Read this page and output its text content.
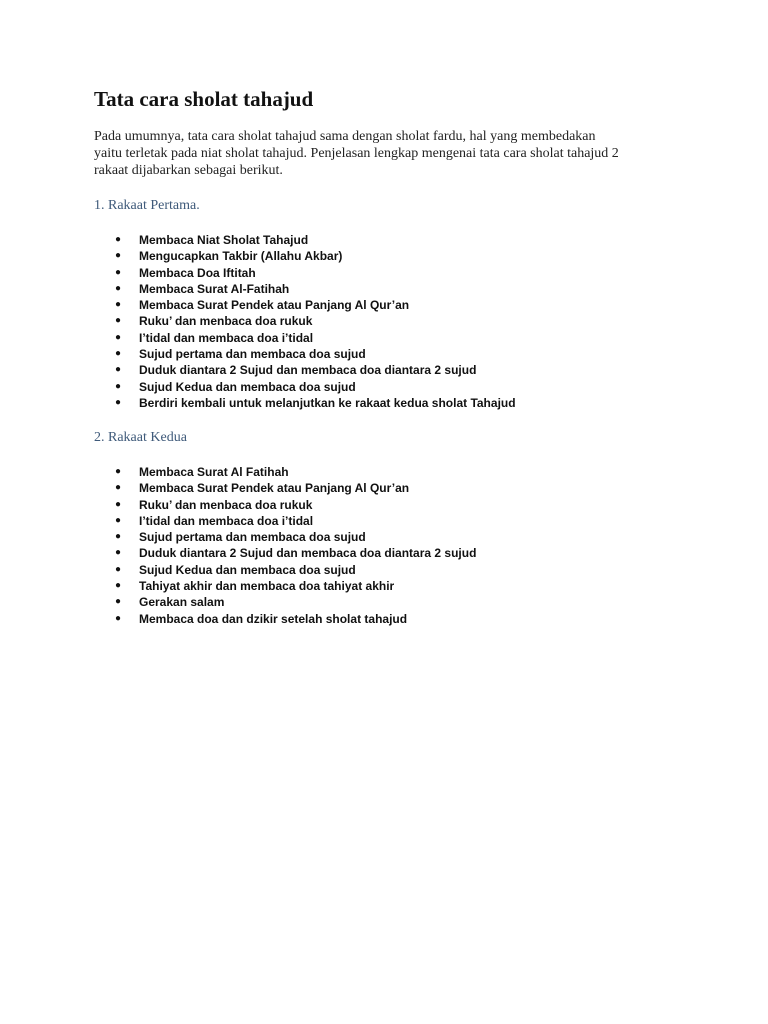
Tata cara sholat tahajud

Pada umumnya, tata cara sholat tahajud sama dengan sholat fardu, hal yang membedakan
yaitu terletak pada niat sholat tahajud. Penjelasan lengkap mengenai tata cara sholat tahajud 2
rakaat dijabarkan sebagai berikut.

1. Rakaat Pertama.
● Membaca Niat Sholat Tahajud
● Mengucapkan Takbir (Allahu Akbar)
● Membaca Doa Iftitah
● Membaca Surat Al-Fatihah
● Membaca Surat Pendek atau Panjang Al Qur’an
● Ruku’ dan menbaca doa rukuk
● I’tidal dan membaca doa i’tidal
● Sujud pertama dan membaca doa sujud
● Duduk diantara 2 Sujud dan membaca doa diantara 2 sujud
● Sujud Kedua dan membaca doa sujud
● Berdiri kembali untuk melanjutkan ke rakaat kedua sholat Tahajud
2. Rakaat Kedua
● Membaca Surat Al Fatihah
● Membaca Surat Pendek atau Panjang Al Qur’an
● Ruku’ dan menbaca doa rukuk
● I’tidal dan membaca doa i’tidal
● Sujud pertama dan membaca doa sujud
● Duduk diantara 2 Sujud dan membaca doa diantara 2 sujud
● Sujud Kedua dan membaca doa sujud
● Tahiyat akhir dan membaca doa tahiyat akhir
● Gerakan salam
● Membaca doa dan dzikir setelah sholat tahajud
